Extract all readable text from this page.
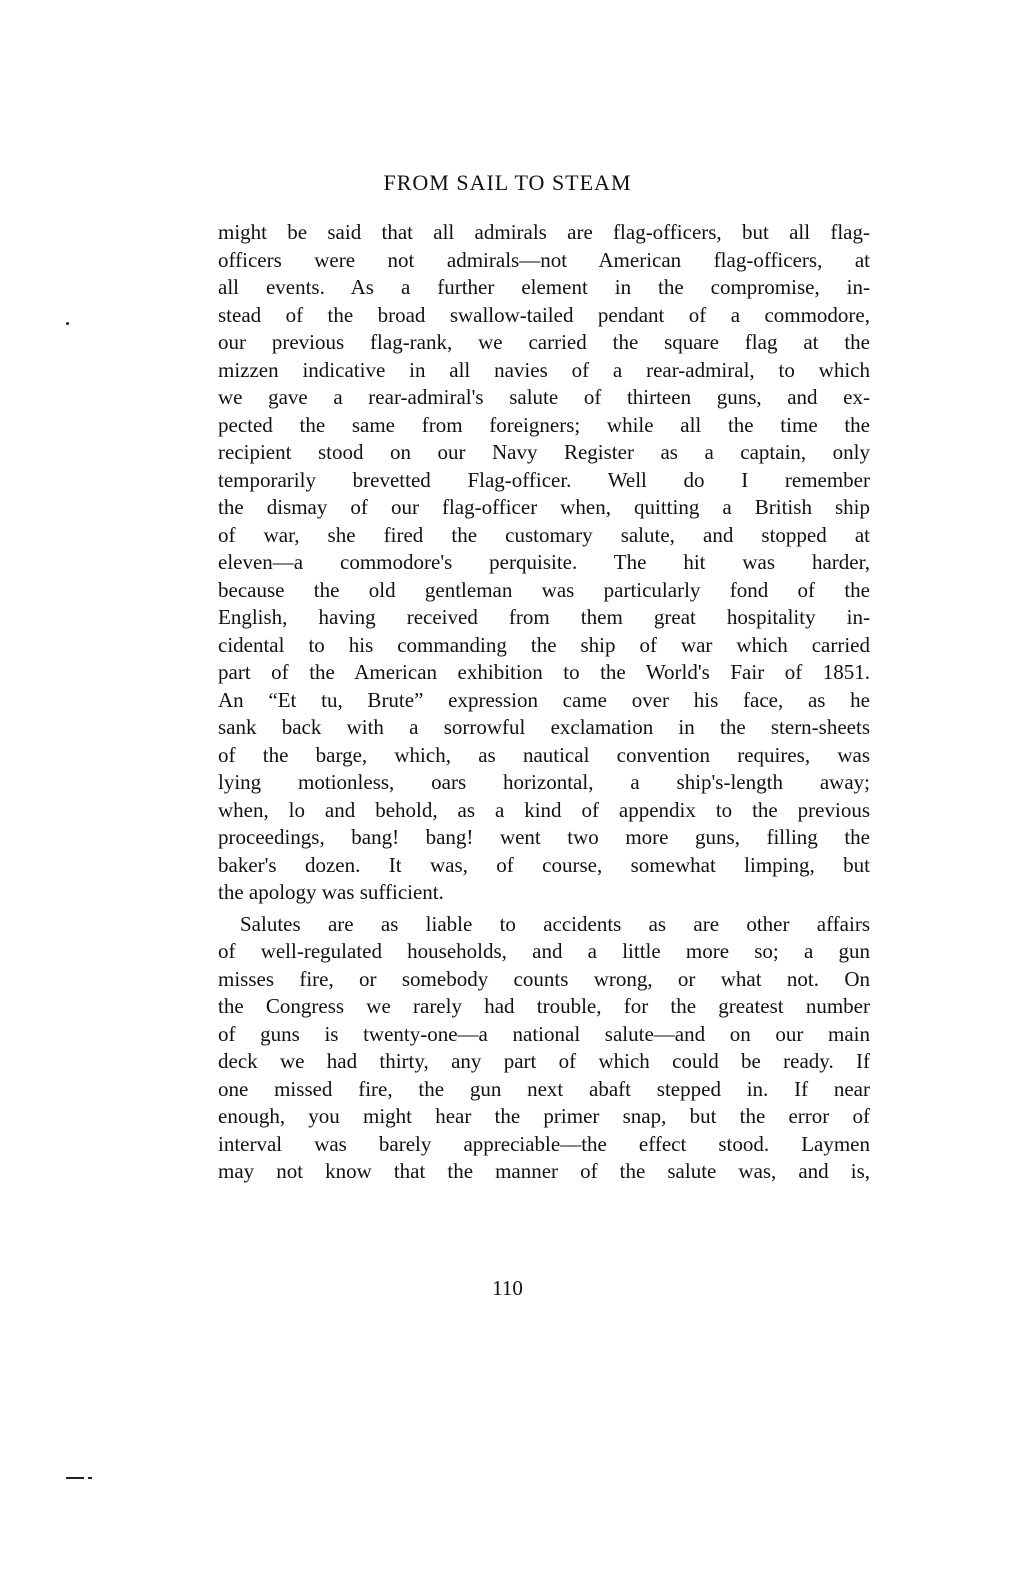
FROM SAIL TO STEAM
might be said that all admirals are flag-officers, but all flag-
officers were not admirals—not American flag-officers, at
all events. As a further element in the compromise, in-
stead of the broad swallow-tailed pendant of a commodore,
our previous flag-rank, we carried the square flag at the
mizzen indicative in all navies of a rear-admiral, to which
we gave a rear-admiral's salute of thirteen guns, and ex-
pected the same from foreigners; while all the time the
recipient stood on our Navy Register as a captain, only
temporarily brevetted Flag-officer. Well do I remember
the dismay of our flag-officer when, quitting a British ship
of war, she fired the customary salute, and stopped at
eleven—a commodore's perquisite. The hit was harder,
because the old gentleman was particularly fond of the
English, having received from them great hospitality in-
cidental to his commanding the ship of war which carried
part of the American exhibition to the World's Fair of 1851.
An “Et tu, Brute” expression came over his face, as he
sank back with a sorrowful exclamation in the stern-sheets
of the barge, which, as nautical convention requires, was
lying motionless, oars horizontal, a ship's-length away;
when, lo and behold, as a kind of appendix to the previous
proceedings, bang! bang! went two more guns, filling the
baker's dozen. It was, of course, somewhat limping, but
the apology was sufficient.
Salutes are as liable to accidents as are other affairs
of well-regulated households, and a little more so; a gun
misses fire, or somebody counts wrong, or what not. On
the Congress we rarely had trouble, for the greatest number
of guns is twenty-one—a national salute—and on our main
deck we had thirty, any part of which could be ready. If
one missed fire, the gun next abaft stepped in. If near
enough, you might hear the primer snap, but the error of
interval was barely appreciable—the effect stood. Laymen
may not know that the manner of the salute was, and is,
110
